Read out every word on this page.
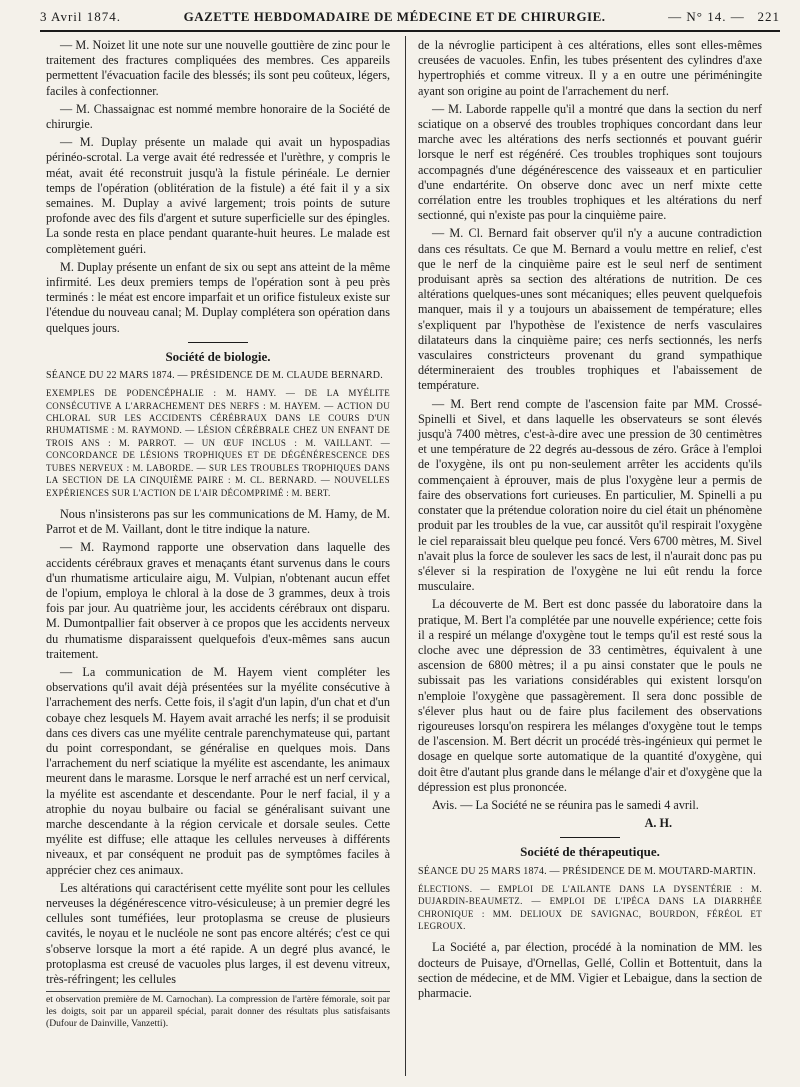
3 Avril 1874.	GAZETTE HEBDOMADAIRE DE MÉDECINE ET DE CHIRURGIE.	— N° 14. — 221

— M. Noizet lit une note sur une nouvelle gouttière de zinc pour le traitement des fractures compliquées des membres. Ces appareils permettent l'évacuation facile des blessés; ils sont peu coûteux, légers, faciles à confectionner.

— M. Chassaignac est nommé membre honoraire de la Société de chirurgie.

— M. Duplay présente un malade qui avait un hypospadias périnéo-scrotal. La verge avait été redressée et l'urèthre, y compris le méat, avait été reconstruit jusqu'à la fistule périnéale. Le dernier temps de l'opération (oblitération de la fistule) a été fait il y a six semaines. M. Duplay a avivé largement; trois points de suture profonde avec des fils d'argent et suture superficielle sur des épingles. La sonde resta en place pendant quarante-huit heures. Le malade est complètement guéri.

M. Duplay présente un enfant de six ou sept ans atteint de la même infirmité. Les deux premiers temps de l'opération sont à peu près terminés : le méat est encore imparfait et un orifice fistuleux existe sur l'étendue du nouveau canal; M. Duplay complétera son opération dans quelques jours.

Société de biologie.

SÉANCE DU 22 MARS 1874. — PRÉSIDENCE DE M. CLAUDE BERNARD.

EXEMPLES DE PODENCÉPHALIE : M. HAMY. — DE LA MYÉLITE CONSÉCUTIVE A L'ARRACHEMENT DES NERFS : M. HAYEM. — ACTION DU CHLORAL SUR LES ACCIDENTS CÉRÉBRAUX DANS LE COURS D'UN RHUMATISME : M. RAYMOND. — LÉSION CÉRÉBRALE CHEZ UN ENFANT DE TROIS ANS : M. PARROT. — UN ŒUF INCLUS : M. VAILLANT. — CONCORDANCE DE LÉSIONS TROPHIQUES ET DE DÉGÉNÉRESCENCE DES TUBES NERVEUX : M. LABORDE. — SUR LES TROUBLES TROPHIQUES DANS LA SECTION DE LA CINQUIÈME PAIRE : M. CL. BERNARD. — NOUVELLES EXPÉRIENCES SUR L'ACTION DE L'AIR DÉCOMPRIMÉ : M. BERT.

Nous n'insisterons pas sur les communications de M. Hamy, de M. Parrot et de M. Vaillant, dont le titre indique la nature.

— M. Raymond rapporte une observation dans laquelle des accidents cérébraux graves et menaçants étant survenus dans le cours d'un rhumatisme articulaire aigu, M. Vulpian, n'obtenant aucun effet de l'opium, employa le chloral à la dose de 3 grammes, deux à trois fois par jour. Au quatrième jour, les accidents cérébraux ont disparu. M. Dumontpallier fait observer à ce propos que les accidents nerveux du rhumatisme disparaissent quelquefois d'eux-mêmes sans aucun traitement.

— La communication de M. Hayem vient compléter les observations qu'il avait déjà présentées sur la myélite consécutive à l'arrachement des nerfs. Cette fois, il s'agit d'un lapin, d'un chat et d'un cobaye chez lesquels M. Hayem avait arraché les nerfs; il se produisit dans ces divers cas une myélite centrale parenchymateuse qui, partant du point correspondant, se généralise en quelques mois. Dans l'arrachement du nerf sciatique la myélite est ascendante, les animaux meurent dans le marasme. Lorsque le nerf arraché est un nerf cervical, la myélite est ascendante et descendante. Pour le nerf facial, il y a atrophie du noyau bulbaire ou facial se généralisant suivant une marche descendante à la région cervicale et dorsale seules. Cette myélite est diffuse; elle attaque les cellules nerveuses à différents niveaux, et par conséquent ne produit pas de symptômes faciles à apprécier chez ces animaux.

Les altérations qui caractérisent cette myélite sont pour les cellules nerveuses la dégénérescence vitro-vésiculeuse; à un premier degré les cellules sont tuméfiées, leur protoplasma se creuse de plusieurs cavités, le noyau et le nucléole ne sont pas encore altérés; c'est ce qui s'observe lorsque la mort a été rapide. A un degré plus avancé, le protoplasma est creusé de vacuoles plus larges, il est devenu vitreux, très-réfringent; les cellules

et observation première de M. Carnochan). La compression de l'artère fémorale, soit par les doigts, soit par un appareil spécial, parait donner des résultats plus satisfaisants (Dufour de Dainville, Vanzetti).

de la névroglie participent à ces altérations, elles sont elles-mêmes creusées de vacuoles. Enfin, les tubes présentent des cylindres d'axe hypertrophiés et comme vitreux. Il y a en outre une périméningite ayant son origine au point de l'arrachement du nerf.

— M. Laborde rappelle qu'il a montré que dans la section du nerf sciatique on a observé des troubles trophiques concordant dans leur marche avec les altérations des nerfs sectionnés et pouvant guérir lorsque le nerf est régénéré. Ces troubles trophiques sont toujours accompagnés d'une dégénérescence des vaisseaux et en particulier d'une endartérite. On observe donc avec un nerf mixte cette corrélation entre les troubles trophiques et les altérations du nerf sectionné, qui n'existe pas pour la cinquième paire.

— M. Cl. Bernard fait observer qu'il n'y a aucune contradiction dans ces résultats. Ce que M. Bernard a voulu mettre en relief, c'est que le nerf de la cinquième paire est le seul nerf de sentiment produisant après sa section des altérations de nutrition. De ces altérations quelques-unes sont mécaniques; elles peuvent quelquefois manquer, mais il y a toujours un abaissement de température; elles s'expliquent par l'hypothèse de l'existence de nerfs vasculaires dilatateurs dans la cinquième paire; ces nerfs sectionnés, les nerfs vasculaires constricteurs provenant du grand sympathique détermineraient des troubles trophiques et l'abaissement de température.

— M. Bert rend compte de l'ascension faite par MM. Crossé-Spinelli et Sivel, et dans laquelle les observateurs se sont élevés jusqu'à 7400 mètres, c'est-à-dire avec une pression de 30 centimètres et une température de 22 degrés au-dessous de zéro. Grâce à l'emploi de l'oxygène, ils ont pu non-seulement arrêter les accidents qu'ils commençaient à éprouver, mais de plus l'oxygène leur a permis de faire des observations fort curieuses. En particulier, M. Spinelli a pu constater que la prétendue coloration noire du ciel était un phénomène produit par les troubles de la vue, car aussitôt qu'il respirait l'oxygène le ciel reparaissait bleu quelque peu foncé. Vers 6700 mètres, M. Sivel n'avait plus la force de soulever les sacs de lest, il n'aurait donc pas pu s'élever si la respiration de l'oxygène ne lui eût rendu la force musculaire.

La découverte de M. Bert est donc passée du laboratoire dans la pratique, M. Bert l'a complétée par une nouvelle expérience; cette fois il a respiré un mélange d'oxygène tout le temps qu'il est resté sous la cloche avec une dépression de 33 centimètres, équivalent à une ascension de 6800 mètres; il a pu ainsi constater que le pouls ne subissait pas les variations considérables qui existent lorsqu'on n'emploie l'oxygène que passagèrement. Il sera donc possible de s'élever plus haut ou de faire plus facilement des observations rigoureuses lorsqu'on respirera les mélanges d'oxygène tout le temps de l'ascension. M. Bert décrit un procédé très-ingénieux qui permet le dosage en quelque sorte automatique de la quantité d'oxygène, qui doit être d'autant plus grande dans le mélange d'air et d'oxygène que la dépression est plus prononcée.

Avis. — La Société ne se réunira pas le samedi 4 avril.

A. H.

Société de thérapeutique.

SÉANCE DU 25 MARS 1874. — PRÉSIDENCE DE M. MOUTARD-MARTIN.

ÉLECTIONS. — EMPLOI DE L'AILANTE DANS LA DYSENTÉRIE : M. DUJARDIN-BEAUMETZ. — EMPLOI DE L'IPÉCA DANS LA DIARRHÉE CHRONIQUE : MM. DELIOUX DE SAVIGNAC, BOURDON, FÉRÉOL ET LEGROUX.

La Société a, par élection, procédé à la nomination de MM. les docteurs de Puisaye, d'Ornellas, Gellé, Collin et Bottentuit, dans la section de médecine, et de MM. Vigier et Lebaigue, dans la section de pharmacie.
